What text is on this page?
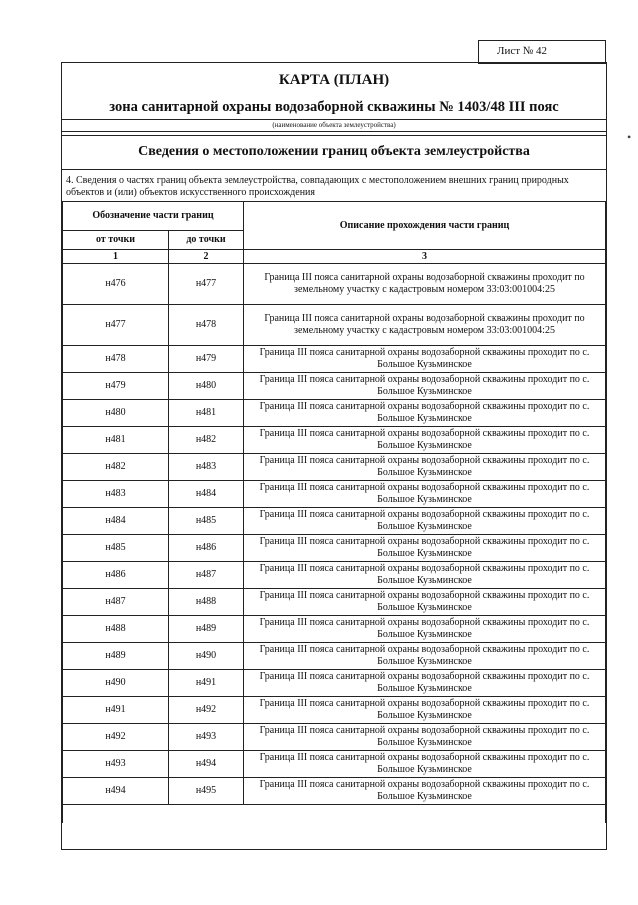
Лист № 42
КАРТА (ПЛАН)
зона санитарной охраны водозаборной скважины № 1403/48 III пояс
(наименование объекта землеустройства)
Сведения о местоположении границ объекта землеустройства
4. Сведения о частях границ объекта землеустройства, совпадающих с местоположением внешних границ природных объектов и (или) объектов искусственного происхождения
Обозначение части границ		Описание прохождения части границ
от точки	до точки	
1	2	3
н476	н477	Граница III пояса санитарной охраны водозаборной скважины проходит по земельному участку с кадастровым номером 33:03:001004:25
н477	н478	Граница III пояса санитарной охраны водозаборной скважины проходит по земельному участку с кадастровым номером 33:03:001004:25
н478	н479	Граница III пояса санитарной охраны водозаборной скважины проходит по с. Большое Кузьминское
н479	н480	Граница III пояса санитарной охраны водозаборной скважины проходит по с. Большое Кузьминское
н480	н481	Граница III пояса санитарной охраны водозаборной скважины проходит по с. Большое Кузьминское
н481	н482	Граница III пояса санитарной охраны водозаборной скважины проходит по с. Большое Кузьминское
н482	н483	Граница III пояса санитарной охраны водозаборной скважины проходит по с. Большое Кузьминское
н483	н484	Граница III пояса санитарной охраны водозаборной скважины проходит по с. Большое Кузьминское
н484	н485	Граница III пояса санитарной охраны водозаборной скважины проходит по с. Большое Кузьминское
н485	н486	Граница III пояса санитарной охраны водозаборной скважины проходит по с. Большое Кузьминское
н486	н487	Граница III пояса санитарной охраны водозаборной скважины проходит по с. Большое Кузьминское
н487	н488	Граница III пояса санитарной охраны водозаборной скважины проходит по с. Большое Кузьминское
н488	н489	Граница III пояса санитарной охраны водозаборной скважины проходит по с. Большое Кузьминское
н489	н490	Граница III пояса санитарной охраны водозаборной скважины проходит по с. Большое Кузьминское
н490	н491	Граница III пояса санитарной охраны водозаборной скважины проходит по с. Большое Кузьминское
н491	н492	Граница III пояса санитарной охраны водозаборной скважины проходит по с. Большое Кузьминское
н492	н493	Граница III пояса санитарной охраны водозаборной скважины проходит по с. Большое Кузьминское
н493	н494	Граница III пояса санитарной охраны водозаборной скважины проходит по с. Большое Кузьминское
н494	н495	Граница III пояса санитарной охраны водозаборной скважины проходит по с. Большое Кузьминское

•
